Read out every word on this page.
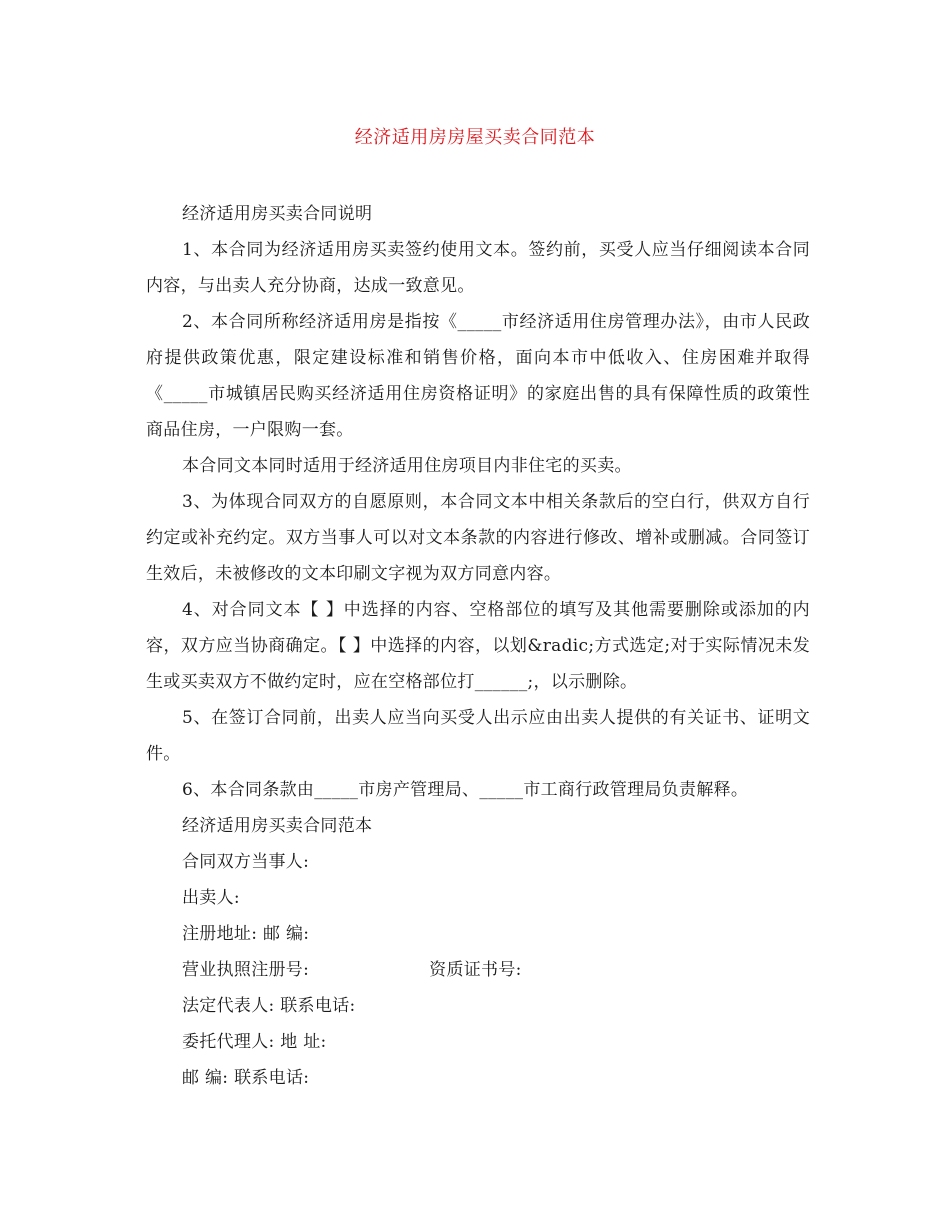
经济适用房房屋买卖合同范本

经济适用房买卖合同说明

1、本合同为经济适用房买卖签约使用文本。签约前，买受人应当仔细阅读本合同内容，与出卖人充分协商，达成一致意见。

2、本合同所称经济适用房是指按《_____市经济适用住房管理办法》，由市人民政府提供政策优惠，限定建设标准和销售价格，面向本市中低收入、住房困难并取得《_____市城镇居民购买经济适用住房资格证明》的家庭出售的具有保障性质的政策性商品住房，一户限购一套。

本合同文本同时适用于经济适用住房项目内非住宅的买卖。

3、为体现合同双方的自愿原则，本合同文本中相关条款后的空白行，供双方自行约定或补充约定。双方当事人可以对文本条款的内容进行修改、增补或删减。合同签订生效后，未被修改的文本印刷文字视为双方同意内容。

4、对合同文本【 】中选择的内容、空格部位的填写及其他需要删除或添加的内容，双方应当协商确定。【 】中选择的内容，以划&radic;方式选定;对于实际情况未发生或买卖双方不做约定时，应在空格部位打______;，以示删除。

5、在签订合同前，出卖人应当向买受人出示应由出卖人提供的有关证书、证明文件。

6、本合同条款由_____市房产管理局、_____市工商行政管理局负责解释。

经济适用房买卖合同范本

合同双方当事人:

出卖人:

注册地址: 邮 编:

营业执照注册号:	资质证书号:

法定代表人: 联系电话:

委托代理人: 地 址:

邮 编: 联系电话:
